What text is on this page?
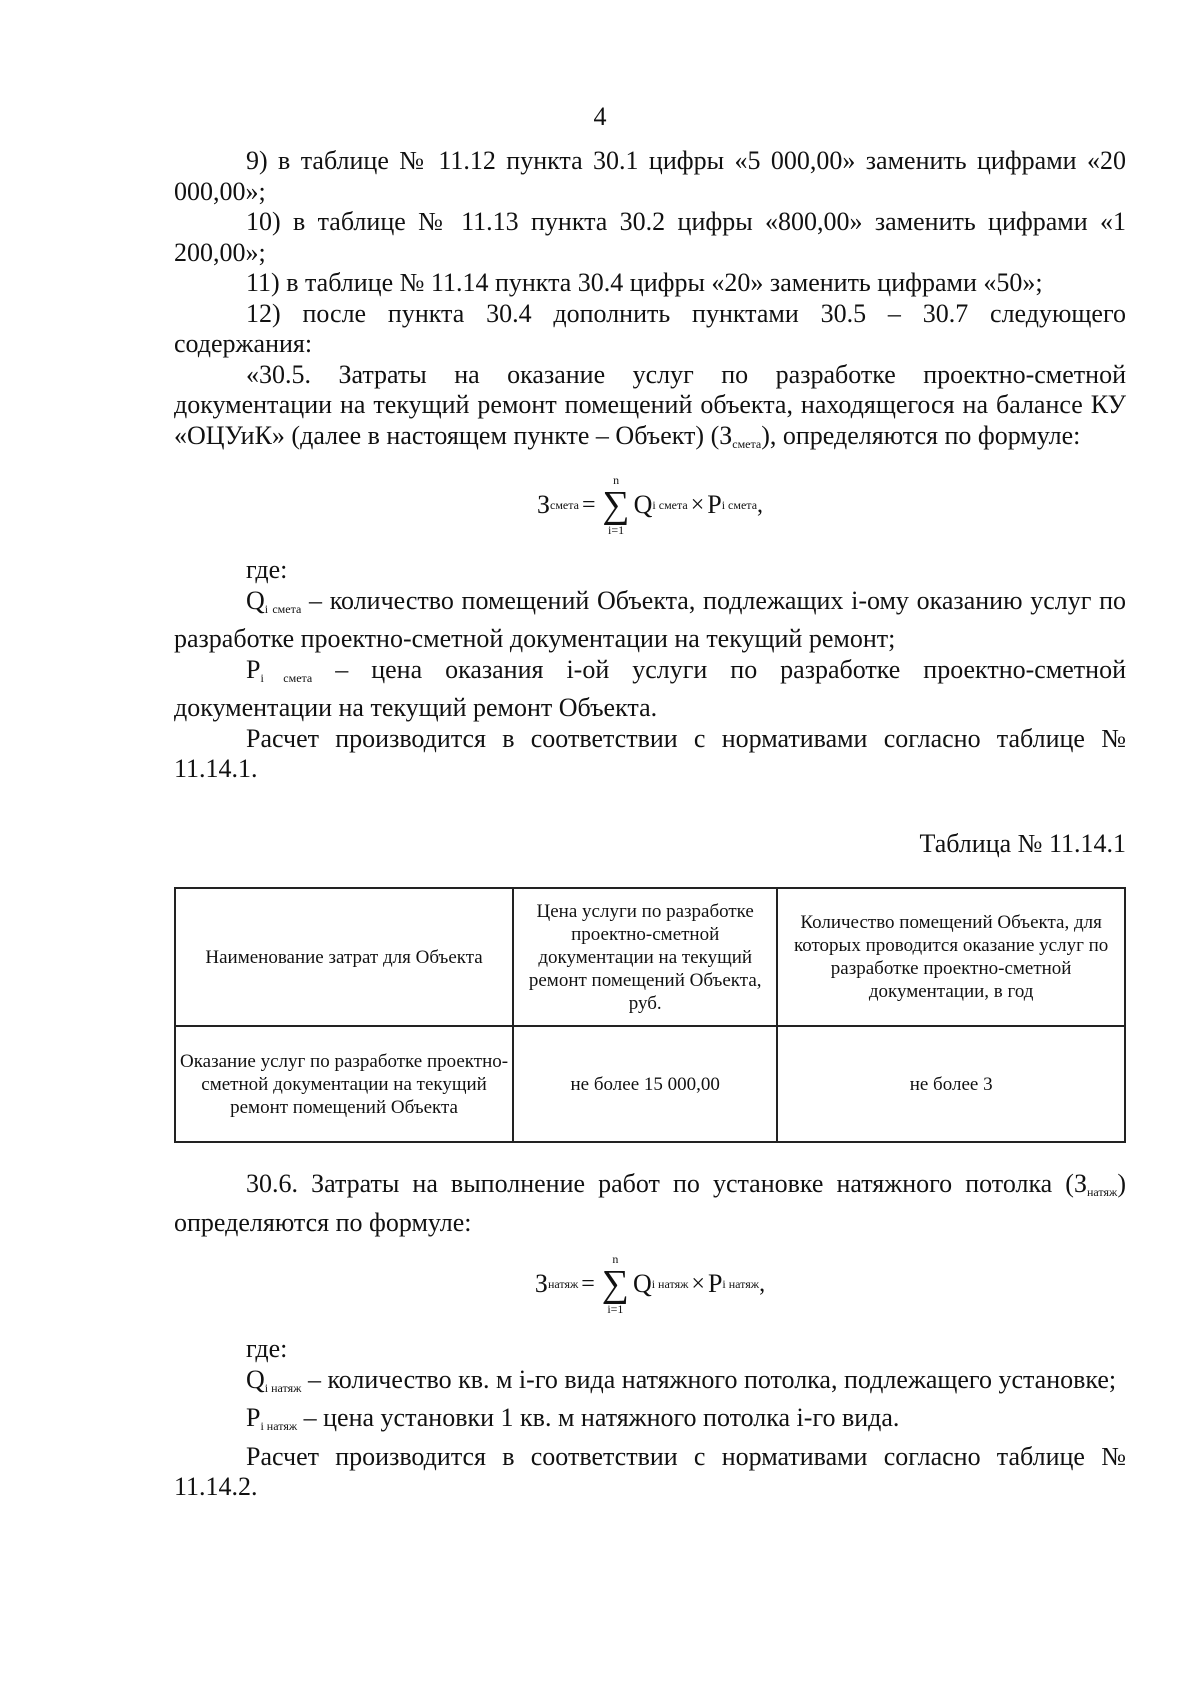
4

9) в таблице № 11.12 пункта 30.1 цифры «5 000,00» заменить цифрами «20 000,00»;

10) в таблице № 11.13 пункта 30.2 цифры «800,00» заменить цифрами «1 200,00»;

11) в таблице № 11.14 пункта 30.4 цифры «20» заменить цифрами «50»;

12) после пункта 30.4 дополнить пунктами 30.5 – 30.7 следующего содержания:

«30.5. Затраты на оказание услуг по разработке проектно-сметной документации на текущий ремонт помещений объекта, находящегося на балансе КУ «ОЦУиК» (далее в настоящем пункте – Объект) $(З_{смета})$, определяются по формуле:

З смета =
n
∑
i=1
Q i смета × P i смета ,

где:

$Q_{i смета}$ – количество помещений Объекта, подлежащих i-ому оказанию услуг по разработке проектно-сметной документации на текущий ремонт;

$P_{i смета}$ – цена оказания i-ой услуги по разработке проектно-сметной документации на текущий ремонт Объекта.

Расчет производится в соответствии с нормативами согласно таблице № 11.14.1.

Таблица № 11.14.1
Наименование затрат для Объекта	Цена услуги по разработке проектно-сметной документации на текущий ремонт помещений Объекта, руб.	Количество помещений Объекта, для которых проводится оказание услуг по разработке проектно-сметной документации, в год
Оказание услуг по разработке проектно-сметной документации на текущий ремонт помещений Объекта	не более 15 000,00	не более 3

30.6. Затраты на выполнение работ по установке натяжного потолка $(З_{натяж})$ определяются по формуле:

З натяж =
n
∑
i=1
Q i натяж × P i натяж ,

где:

$Q_{i натяж}$ – количество кв. м i-го вида натяжного потолка, подлежащего установке;

$P_{i натяж}$ – цена установки 1 кв. м натяжного потолка i-го вида.

Расчет производится в соответствии с нормативами согласно таблице № 11.14.2.
